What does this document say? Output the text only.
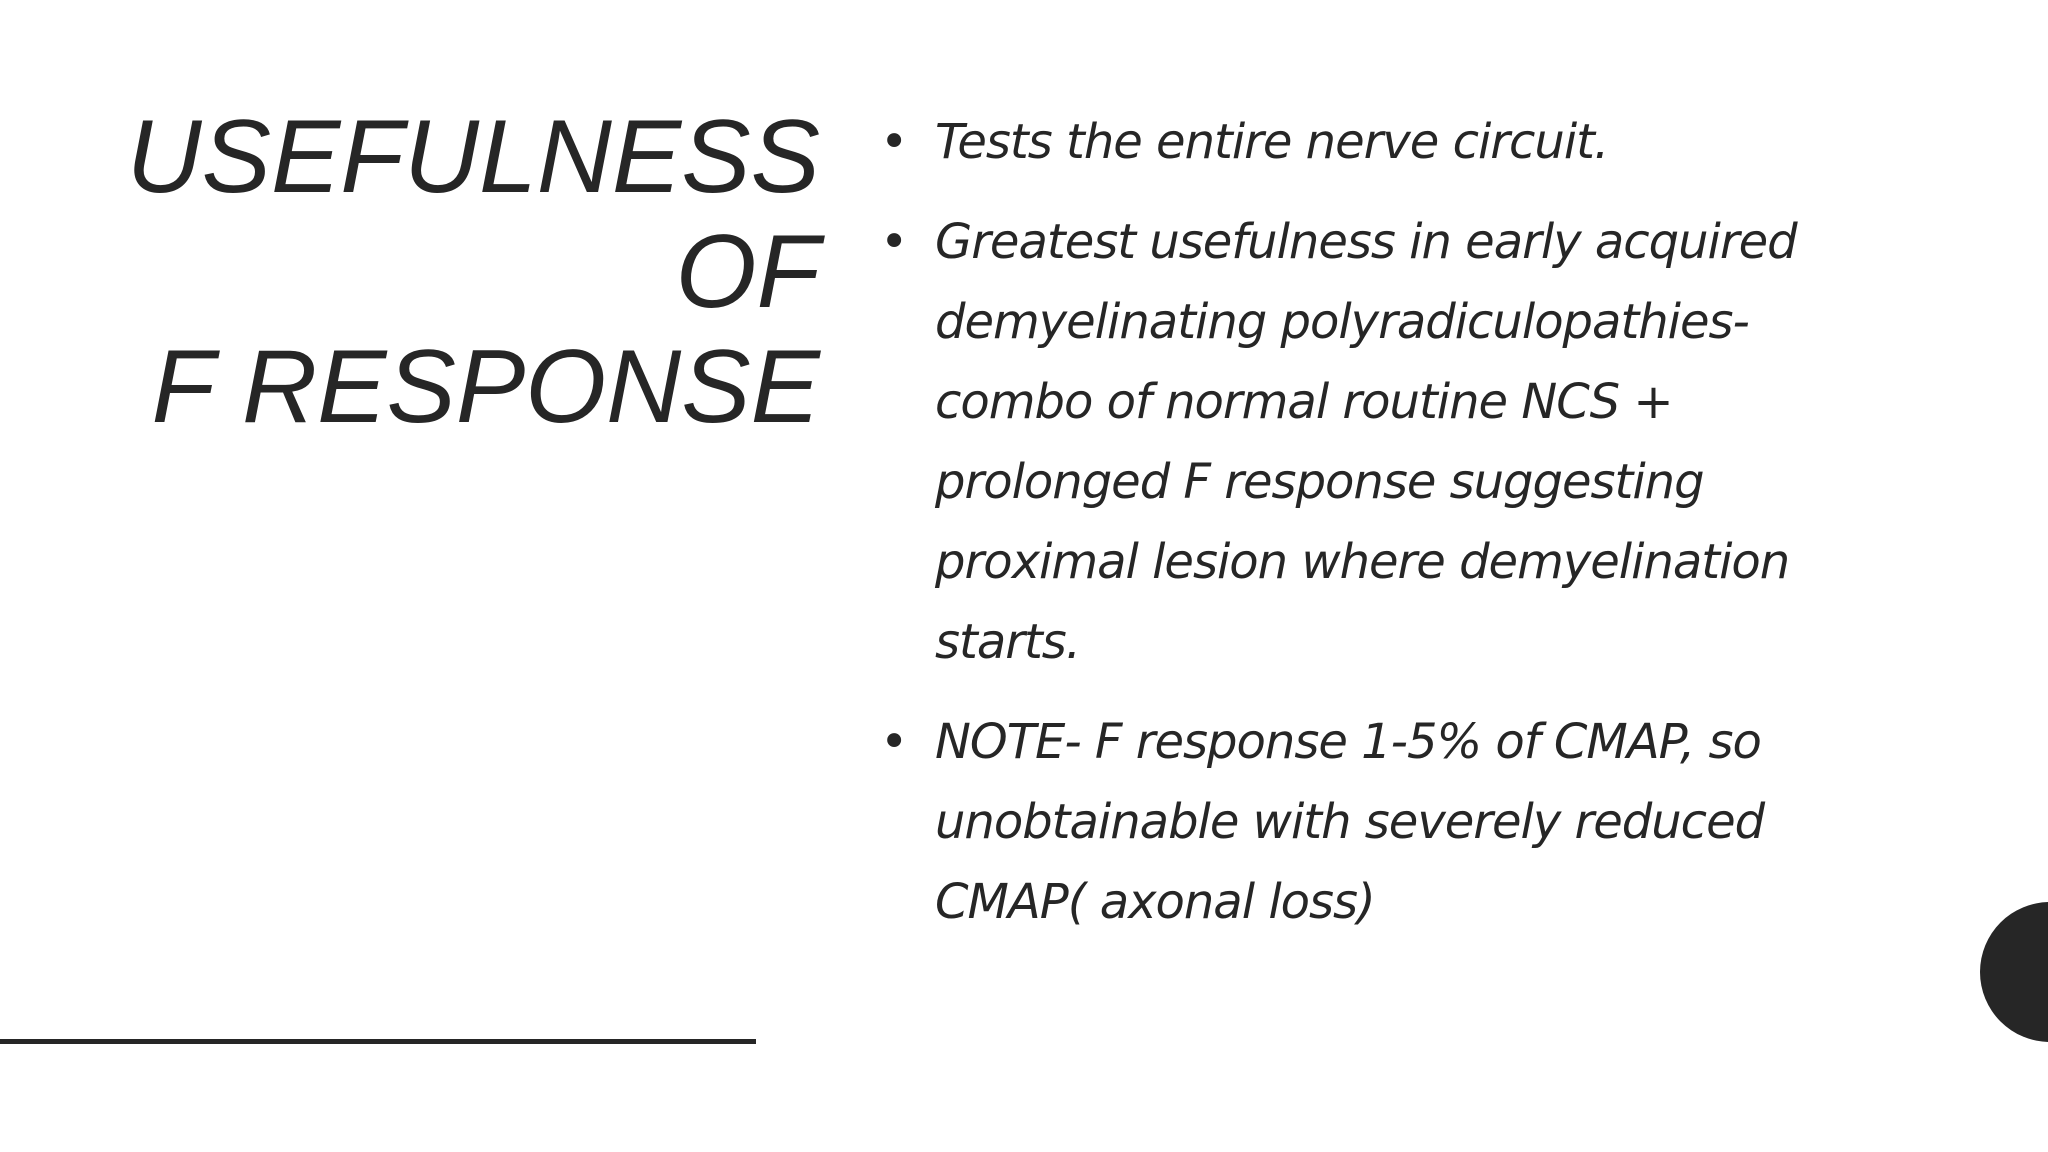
USEFULNESS
OF
F RESPONSE
• Tests the entire nerve circuit.
• Greatest usefulness in early acquired demyelinating polyradiculopathies- combo of normal routine NCS + prolonged F response suggesting proximal lesion where demyelination starts.
• NOTE- F response 1-5% of CMAP, so unobtainable with severely reduced CMAP( axonal loss)
